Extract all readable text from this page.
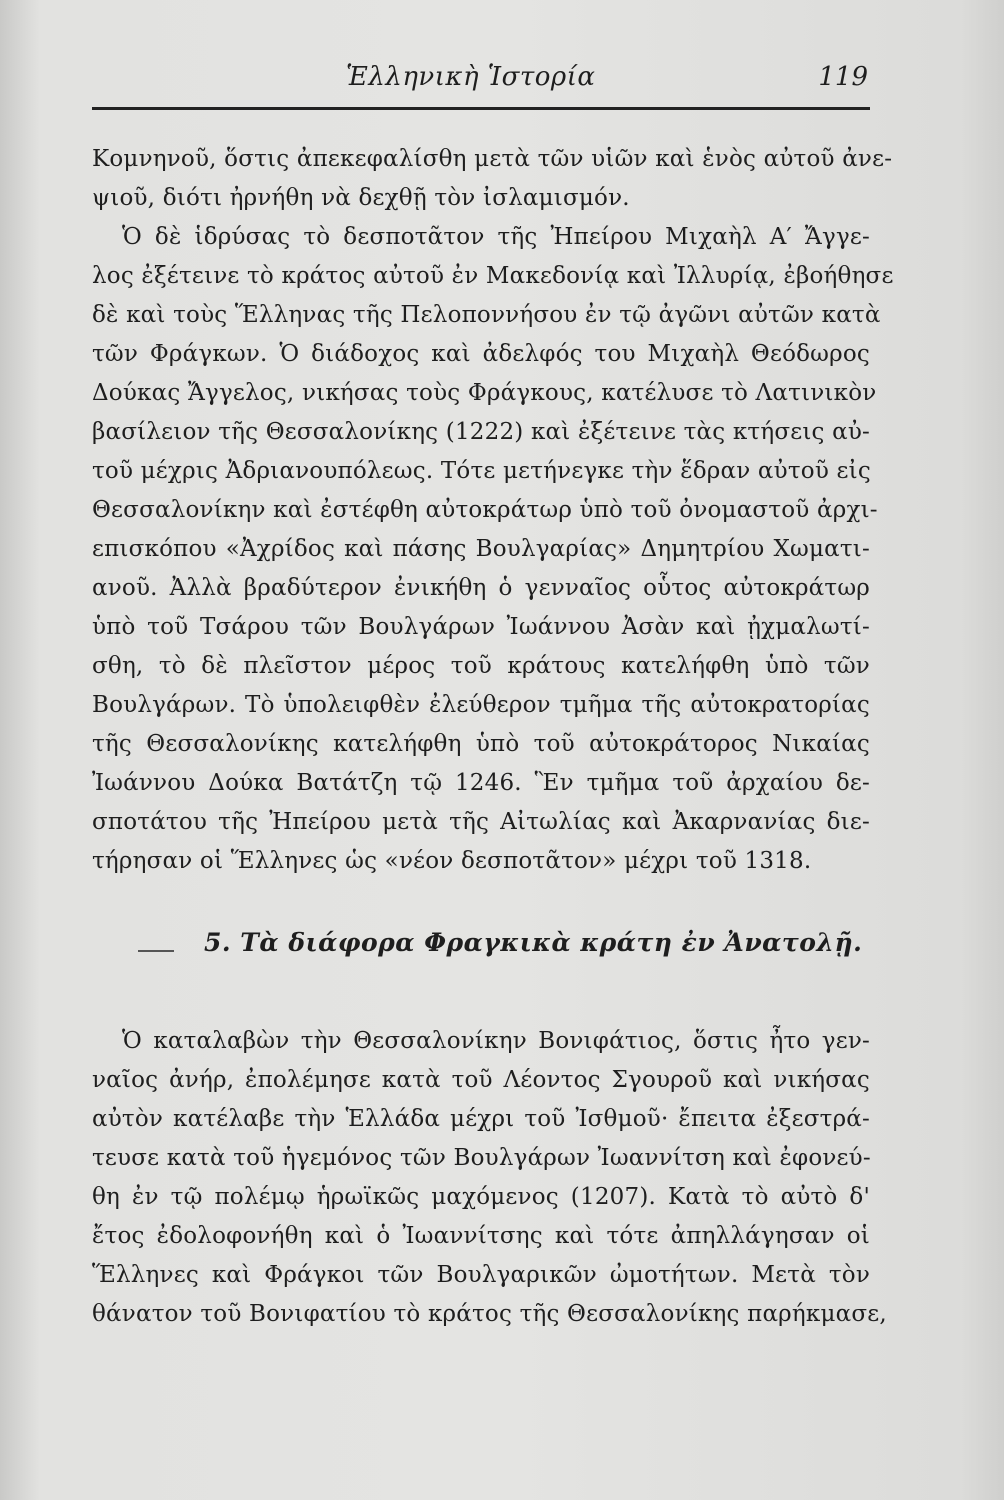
Ἑλληνικὴ Ἱστορία	119
Κομνηνοῦ, ὅστις ἀπεκεφαλίσθη μετὰ τῶν υἱῶν καὶ ἑνὸς αὐτοῦ ἀνε-
ψιοῦ, διότι ἠρνήθη νὰ δεχθῇ τὸν ἰσλαμισμόν.
Ὁ δὲ ἱδρύσας τὸ δεσποτᾶτον τῆς Ἠπείρου Μιχαὴλ Α′ Ἄγγε-
λος ἐξέτεινε τὸ κράτος αὐτοῦ ἐν Μακεδονίᾳ καὶ Ἰλλυρίᾳ, ἐβοήθησε
δὲ καὶ τοὺς Ἕλληνας τῆς Πελοποννήσου ἐν τῷ ἀγῶνι αὐτῶν κατὰ
τῶν Φράγκων. Ὁ διάδοχος καὶ ἀδελφός του Μιχαὴλ Θεόδωρος
Δούκας Ἄγγελος, νικήσας τοὺς Φράγκους, κατέλυσε τὸ Λατινικὸν
βασίλειον τῆς Θεσσαλονίκης (1222) καὶ ἐξέτεινε τὰς κτήσεις αὐ-
τοῦ μέχρις Ἀδριανουπόλεως. Τότε μετήνεγκε τὴν ἕδραν αὐτοῦ εἰς
Θεσσαλονίκην καὶ ἐστέφθη αὐτοκράτωρ ὑπὸ τοῦ ὀνομαστοῦ ἀρχι-
επισκόπου «Ἀχρίδος καὶ πάσης Βουλγαρίας» Δημητρίου Χωματι-
ανοῦ. Ἀλλὰ βραδύτερον ἐνικήθη ὁ γενναῖος οὗτος αὐτοκράτωρ
ὑπὸ τοῦ Τσάρου τῶν Βουλγάρων Ἰωάννου Ἀσὰν καὶ ᾐχμαλωτί-
σθη, τὸ δὲ πλεῖστον μέρος τοῦ κράτους κατελήφθη ὑπὸ τῶν
Βουλγάρων. Τὸ ὑπολειφθὲν ἐλεύθερον τμῆμα τῆς αὐτοκρατορίας
τῆς Θεσσαλονίκης κατελήφθη ὑπὸ τοῦ αὐτοκράτορος Νικαίας
Ἰωάννου Δούκα Βατάτζη τῷ 1246. Ἓν τμῆμα τοῦ ἀρχαίου δε-
σποτάτου τῆς Ἠπείρου μετὰ τῆς Αἰτωλίας καὶ Ἀκαρνανίας διε-
τήρησαν οἱ Ἕλληνες ὡς «νέον δεσποτᾶτον» μέχρι τοῦ 1318.
5. Τὰ διάφορα Φραγκικὰ κράτη ἐν Ἀνατολῇ.
Ὁ καταλαβὼν τὴν Θεσσαλονίκην Βονιφάτιος, ὅστις ἦτο γεν-
ναῖος ἀνήρ, ἐπολέμησε κατὰ τοῦ Λέοντος Σγουροῦ καὶ νικήσας
αὐτὸν κατέλαβε τὴν Ἑλλάδα μέχρι τοῦ Ἰσθμοῦ· ἔπειτα ἐξεστρά-
τευσε κατὰ τοῦ ἡγεμόνος τῶν Βουλγάρων Ἰωαννίτση καὶ ἐφονεύ-
θη ἐν τῷ πολέμῳ ἡρωϊκῶς μαχόμενος (1207). Κατὰ τὸ αὐτὸ δ'
ἔτος ἐδολοφονήθη καὶ ὁ Ἰωαννίτσης καὶ τότε ἀπηλλάγησαν οἱ
Ἕλληνες καὶ Φράγκοι τῶν Βουλγαρικῶν ὠμοτήτων. Μετὰ τὸν
θάνατον τοῦ Βονιφατίου τὸ κράτος τῆς Θεσσαλονίκης παρήκμασε,
